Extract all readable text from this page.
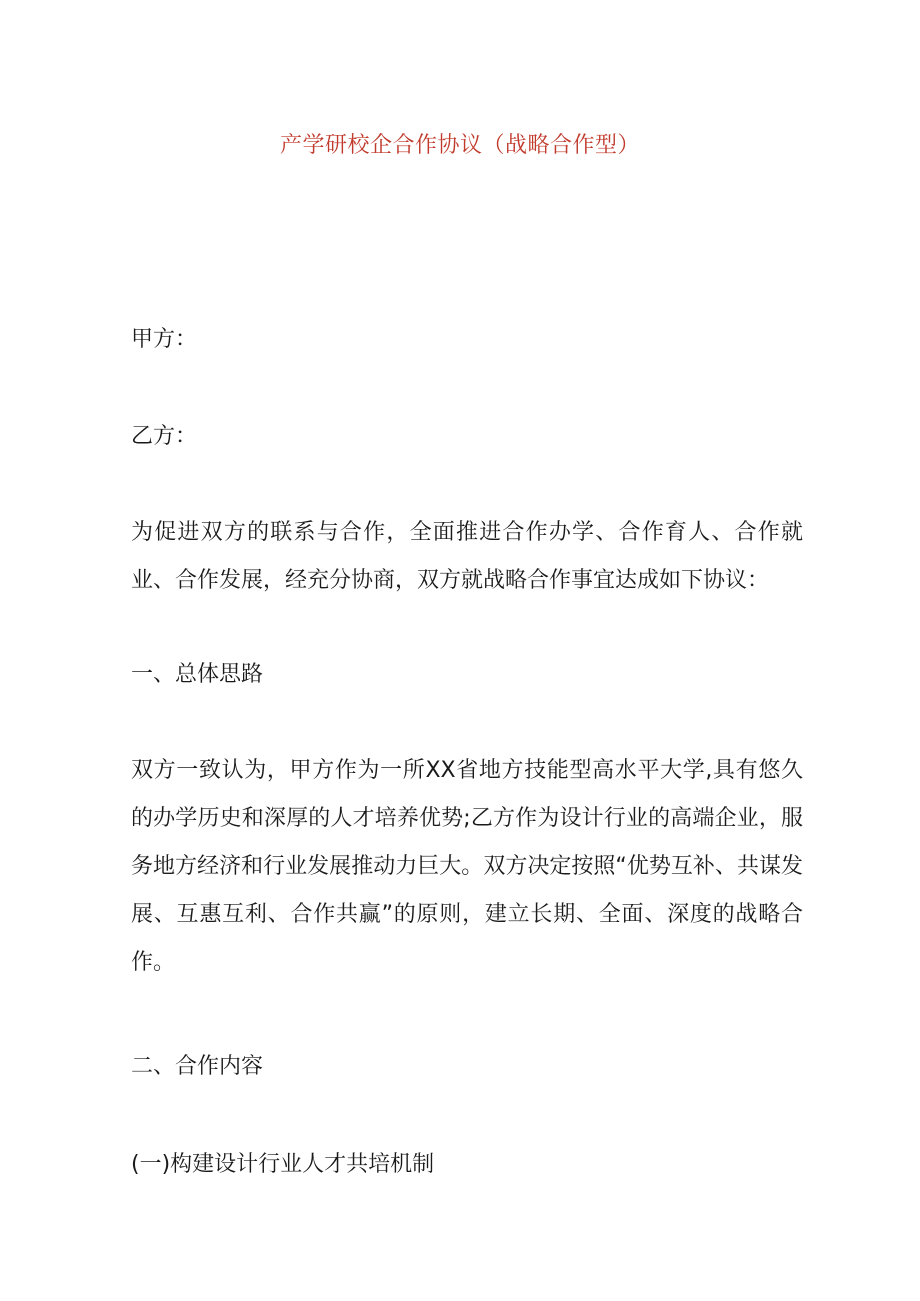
产学研校企合作协议（战略合作型）

甲方：

乙方：

为促进双方的联系与合作，全面推进合作办学、合作育人、合作就业、合作发展，经充分协商，双方就战略合作事宜达成如下协议：

一、总体思路

双方一致认为，甲方作为一所XX省地方技能型高水平大学,具有悠久的办学历史和深厚的人才培养优势;乙方作为设计行业的高端企业，服务地方经济和行业发展推动力巨大。双方决定按照“优势互补、共谋发展、互惠互利、合作共赢”的原则，建立长期、全面、深度的战略合作。

二、合作内容

(一)构建设计行业人才共培机制
